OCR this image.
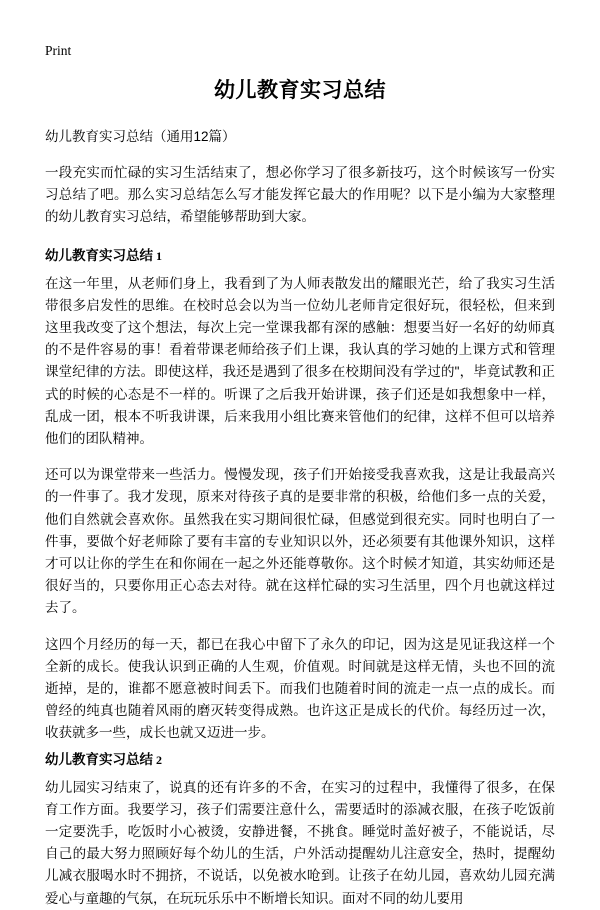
Print
幼儿教育实习总结
幼儿教育实习总结（通用12篇）
一段充实而忙碌的实习生活结束了，想必你学习了很多新技巧，这个时候该写一份实习总结了吧。那么实习总结怎么写才能发挥它最大的作用呢？以下是小编为大家整理的幼儿教育实习总结，希望能够帮助到大家。
幼儿教育实习总结 1

在这一年里，从老师们身上，我看到了为人师表散发出的耀眼光芒，给了我实习生活带很多启发性的思维。在校时总会以为当一位幼儿老师肯定很好玩，很轻松，但来到这里我改变了这个想法，每次上完一堂课我都有深的感触：想要当好一名好的幼师真的不是件容易的事！看着带课老师给孩子们上课，我认真的学习她的上课方式和管理课堂纪律的方法。即使这样，我还是遇到了很多在校期间没有学过的"，毕竟试教和正式的时候的心态是不一样的。听课了之后我开始讲课，孩子们还是如我想象中一样，乱成一团，根本不听我讲课，后来我用小组比赛来管他们的纪律，这样不但可以培养他们的团队精神。

还可以为课堂带来一些活力。慢慢发现，孩子们开始接受我喜欢我，这是让我最高兴的一件事了。我才发现，原来对待孩子真的是要非常的积极，给他们多一点的关爱，他们自然就会喜欢你。虽然我在实习期间很忙碌，但感觉到很充实。同时也明白了一件事，要做个好老师除了要有丰富的专业知识以外，还必须要有其他课外知识，这样才可以让你的学生在和你闹在一起之外还能尊敬你。这个时候才知道，其实幼师还是很好当的，只要你用正心态去对待。就在这样忙碌的实习生活里，四个月也就这样过去了。

这四个月经历的每一天，都已在我心中留下了永久的印记，因为这是见证我这样一个全新的成长。使我认识到正确的人生观，价值观。时间就是这样无情，头也不回的流逝掉，是的，谁都不愿意被时间丢下。而我们也随着时间的流走一点一点的成长。而曾经的纯真也随着风雨的磨灭转变得成熟。也许这正是成长的代价。每经历过一次，收获就多一些，成长也就又迈进一步。

幼儿教育实习总结 2

幼儿园实习结束了，说真的还有许多的不舍，在实习的过程中，我懂得了很多，在保育工作方面。我要学习，孩子们需要注意什么，需要适时的添减衣服，在孩子吃饭前一定要洗手，吃饭时小心被烫，安静进餐，不挑食。睡觉时盖好被子，不能说话，尽自己的最大努力照顾好每个幼儿的生活，户外活动提醒幼儿注意安全，热时，提醒幼儿减衣服喝水时不拥挤，不说话，以免被水呛到。让孩子在幼儿园，喜欢幼儿园充满爱心与童趣的气氛，在玩玩乐乐中不断增长知识。面对不同的幼儿要用
